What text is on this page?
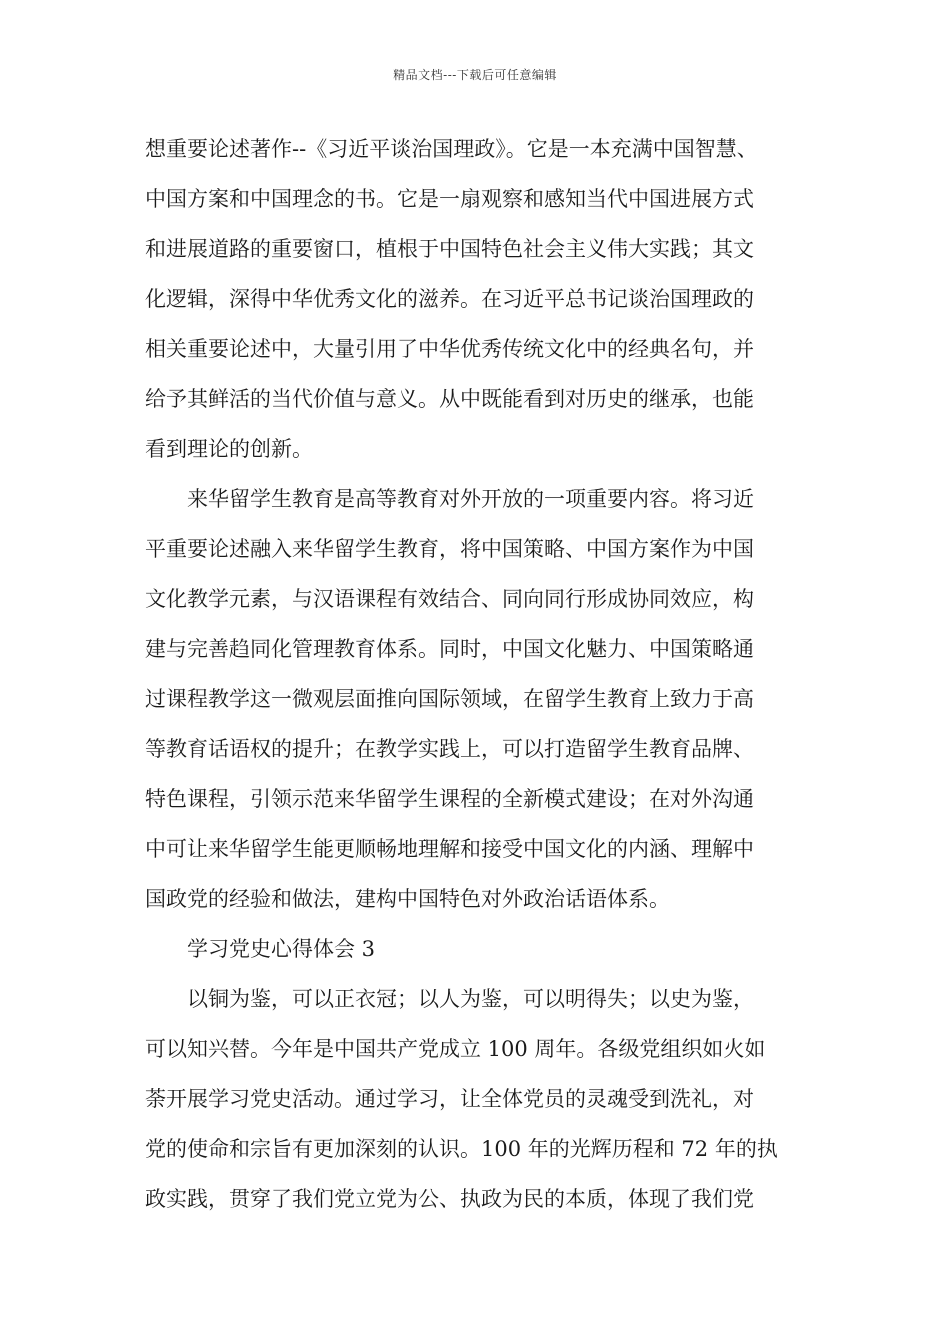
精品文档---下载后可任意编辑
想重要论述著作--《习近平谈治国理政》。它是一本充满中国智慧、
中国方案和中国理念的书。它是一扇观察和感知当代中国进展方式
和进展道路的重要窗口，植根于中国特色社会主义伟大实践；其文
化逻辑，深得中华优秀文化的滋养。在习近平总书记谈治国理政的
相关重要论述中，大量引用了中华优秀传统文化中的经典名句，并
给予其鲜活的当代价值与意义。从中既能看到对历史的继承，也能
看到理论的创新。
来华留学生教育是高等教育对外开放的一项重要内容。将习近
平重要论述融入来华留学生教育，将中国策略、中国方案作为中国
文化教学元素，与汉语课程有效结合、同向同行形成协同效应，构
建与完善趋同化管理教育体系。同时，中国文化魅力、中国策略通
过课程教学这一微观层面推向国际领域，在留学生教育上致力于高
等教育话语权的提升；在教学实践上，可以打造留学生教育品牌、
特色课程，引领示范来华留学生课程的全新模式建设；在对外沟通
中可让来华留学生能更顺畅地理解和接受中国文化的内涵、理解中
国政党的经验和做法，建构中国特色对外政治话语体系。
学习党史心得体会 3
以铜为鉴，可以正衣冠；以人为鉴，可以明得失；以史为鉴，
可以知兴替。今年是中国共产党成立 100 周年。各级党组织如火如
荼开展学习党史活动。通过学习，让全体党员的灵魂受到洗礼，对
党的使命和宗旨有更加深刻的认识。100 年的光辉历程和 72 年的执
政实践，贯穿了我们党立党为公、执政为民的本质，体现了我们党
